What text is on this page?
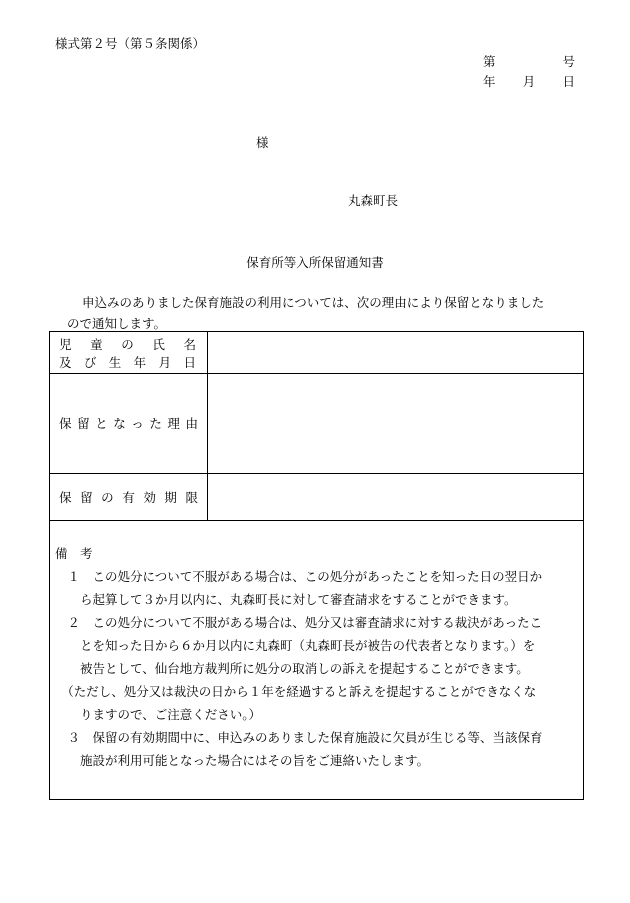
様式第２号（第５条関係）
第	号
年 月 日
様
丸森町長
保育所等入所保留通知書
申込みのありました保育施設の利用については、次の理由により保留となりました
ので通知します。
児 童 の 氏 名
及 び 生 年 月 日
保 留 と な っ た 理 由
保 留 の 有 効 期 限
備　考
　１　この処分について不服がある場合は、この処分があったことを知った日の翌日か
　　ら起算して３か月以内に、丸森町長に対して審査請求をすることができます。
　２　この処分について不服がある場合は、処分又は審査請求に対する裁決があったこ
　　とを知った日から６か月以内に丸森町（丸森町長が被告の代表者となります。）を
　　被告として、仙台地方裁判所に処分の取消しの訴えを提起することができます。
　（ただし、処分又は裁決の日から１年を経過すると訴えを提起することができなくな
　　りますので、ご注意ください。）
　３　保留の有効期間中に、申込みのありました保育施設に欠員が生じる等、当該保育
　　施設が利用可能となった場合にはその旨をご連絡いたします。
